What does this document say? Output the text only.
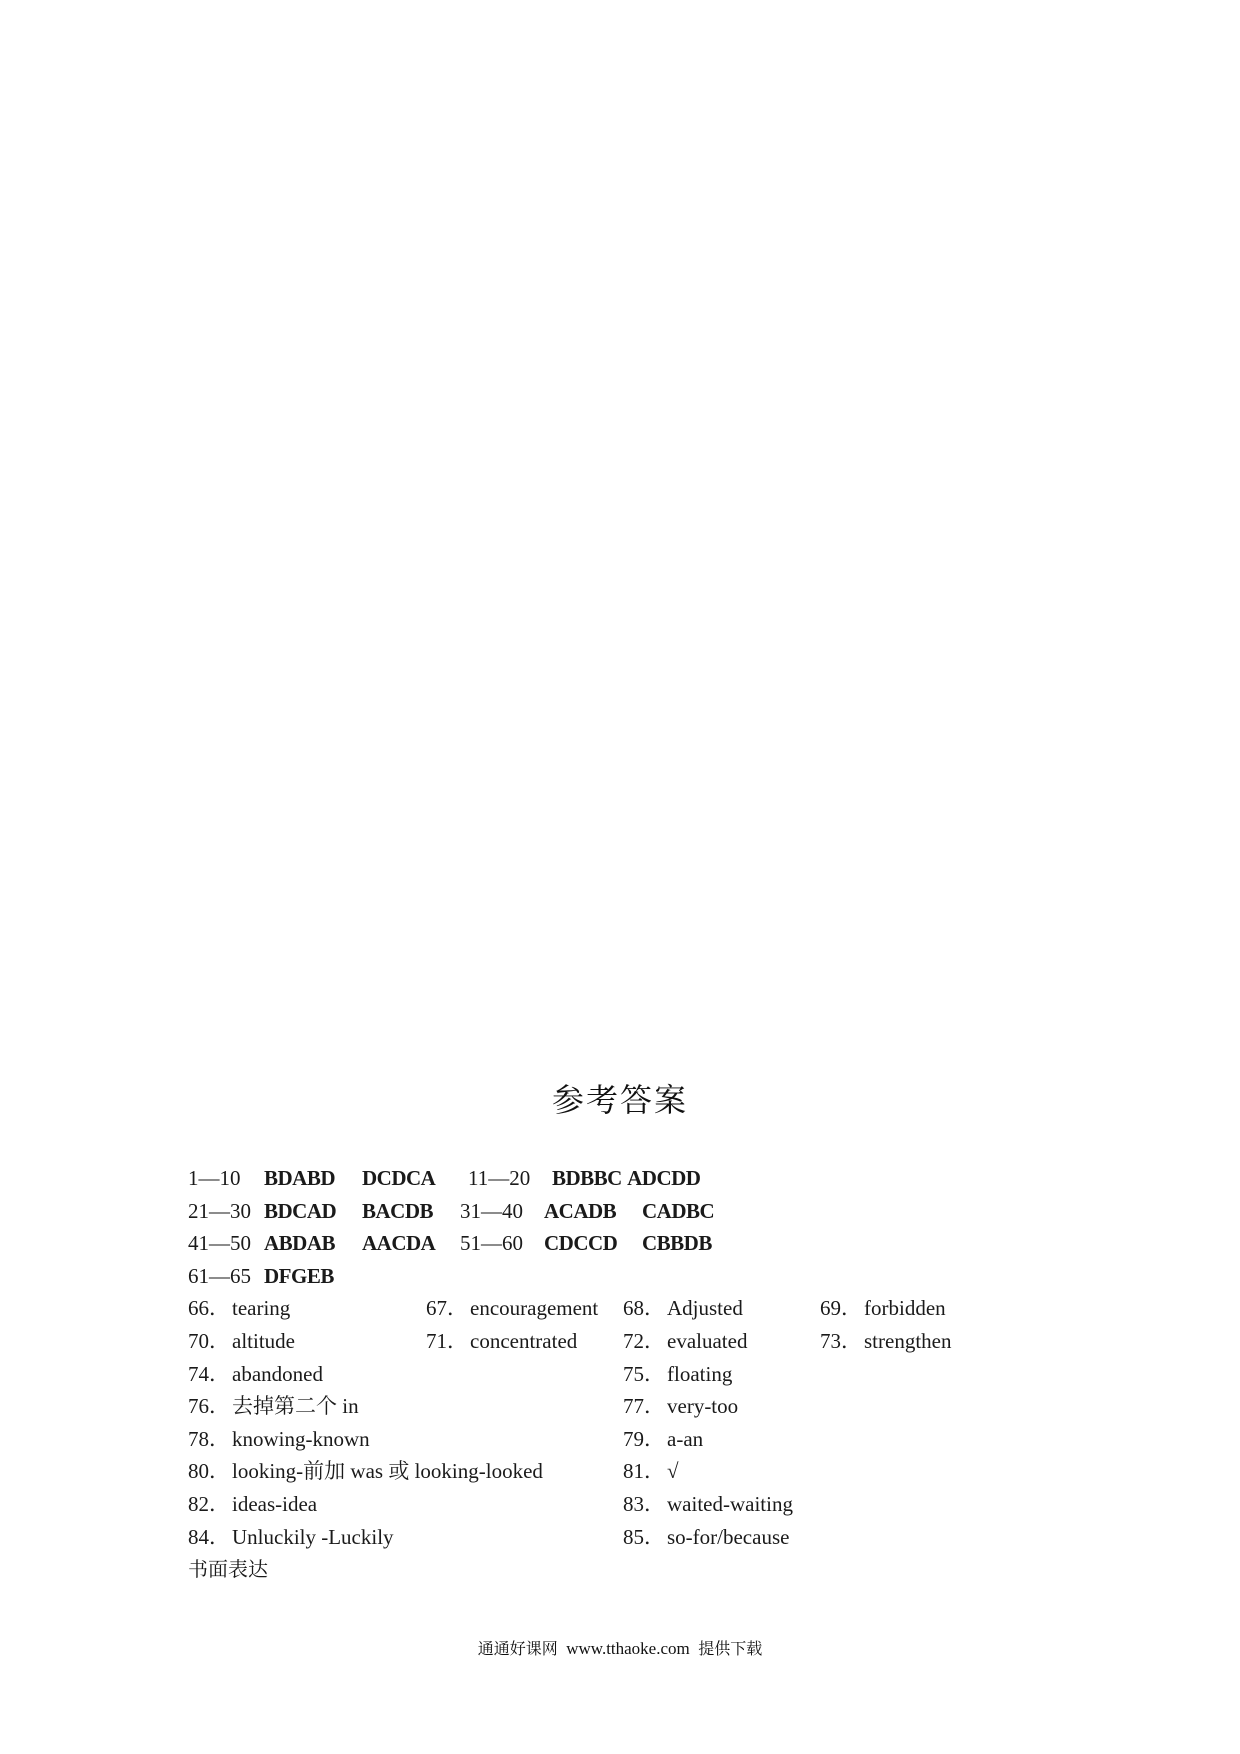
参考答案
1—10 BDABD DCDCA 11—20 BDBBC ADCDD
21—30 BDCAD BACDB 31—40 ACADB CADBC
41—50 ABDAB AACDA 51—60 CDCCD CBBDB
61—65 DFGEB
66．tearing	67．encouragement 68．Adjusted	69．forbidden
70．altitude	71．concentrated 72．evaluated	73．strengthen
74．abandoned	75．floating
76．去掉第二个 in	77．very-too
78．knowing-known	79．a-an
80．looking-前加 was 或 looking-looked	81．√
82．ideas-idea	83．waited-waiting
84．Unluckily -Luckily	85．so-for/because
书面表达
通通好课网 www.tthaoke.com 提供下载
